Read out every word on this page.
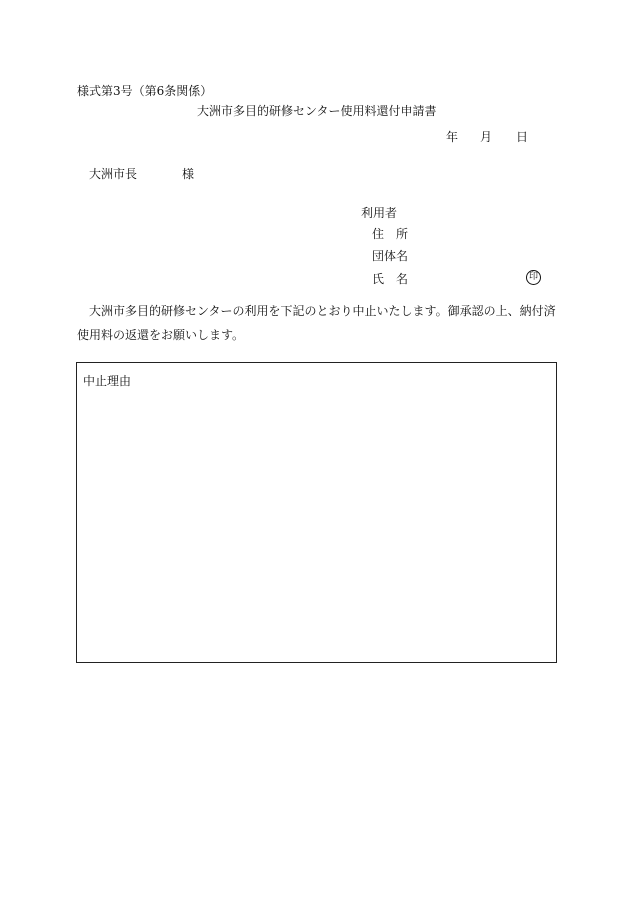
様式第3号（第6条関係）
大洲市多目的研修センター使用料還付申請書
年 月 日
大洲市長	様
利用者
住　所
団体名
氏　名	印

大洲市多目的研修センターの利用を下記のとおり中止いたします。御承認の上、納付済

使用料の返還をお願いします。

中止理由
